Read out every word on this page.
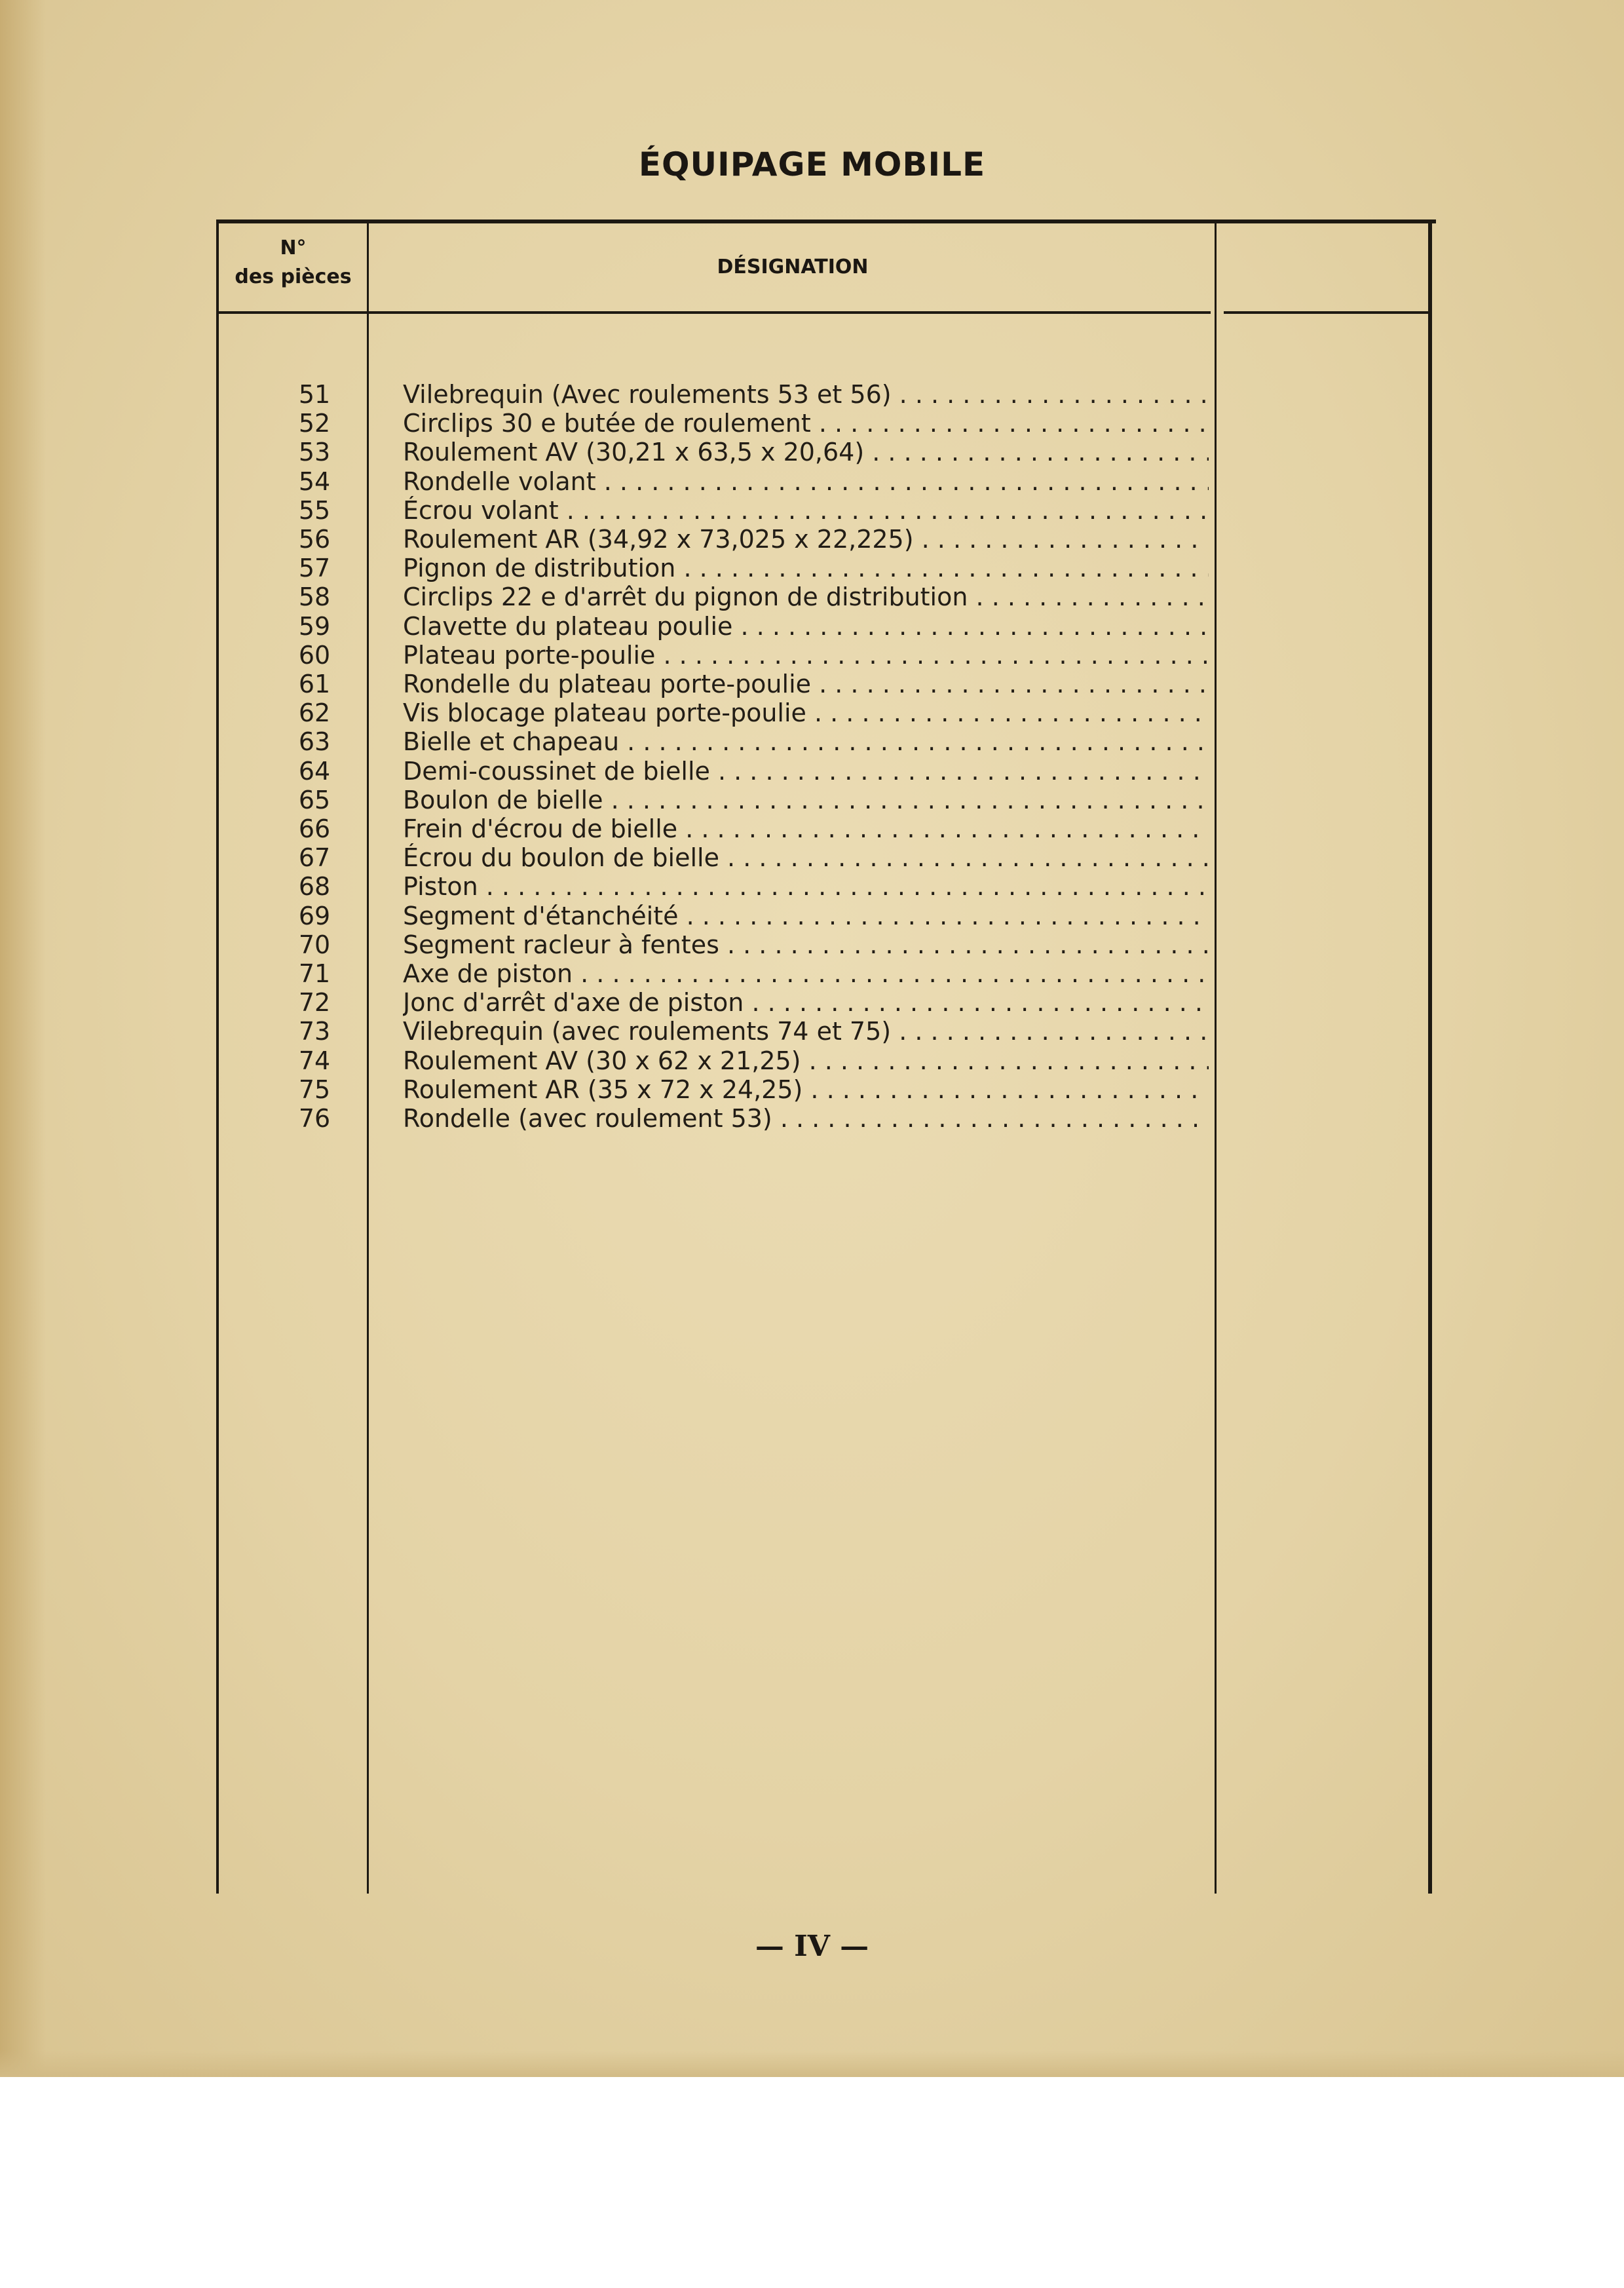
ÉQUIPAGE MOBILE
N°
des pièces	DÉSIGNATION
51	Vilebrequin (Avec roulements 53 et 56) . . .
52	Circlips 30 e butée de roulement . . .
53	Roulement AV (30,21 x 63,5 x 20,64) . . .
54	Rondelle volant . . .
55	Écrou volant . . .
56	Roulement AR (34,92 x 73,025 x 22,225) . . .
57	Pignon de distribution . . .
58	Circlips 22 e d'arrêt du pignon de distribution . . .
59	Clavette du plateau poulie . . .
60	Plateau porte-poulie . . .
61	Rondelle du plateau porte-poulie . . .
62	Vis blocage plateau porte-poulie . . .
63	Bielle et chapeau . . .
64	Demi-coussinet de bielle . . .
65	Boulon de bielle . . .
66	Frein d'écrou de bielle . . .
67	Écrou du boulon de bielle . . .
68	Piston . . .
69	Segment d'étanchéité . . .
70	Segment racleur à fentes . . .
71	Axe de piston . . .
72	Jonc d'arrêt d'axe de piston . . .
73	Vilebrequin (avec roulements 74 et 75) . . .
74	Roulement AV (30 x 62 x 21,25) . . .
75	Roulement AR (35 x 72 x 24,25) . . .
76	Rondelle (avec roulement 53) . . .
— IV —
